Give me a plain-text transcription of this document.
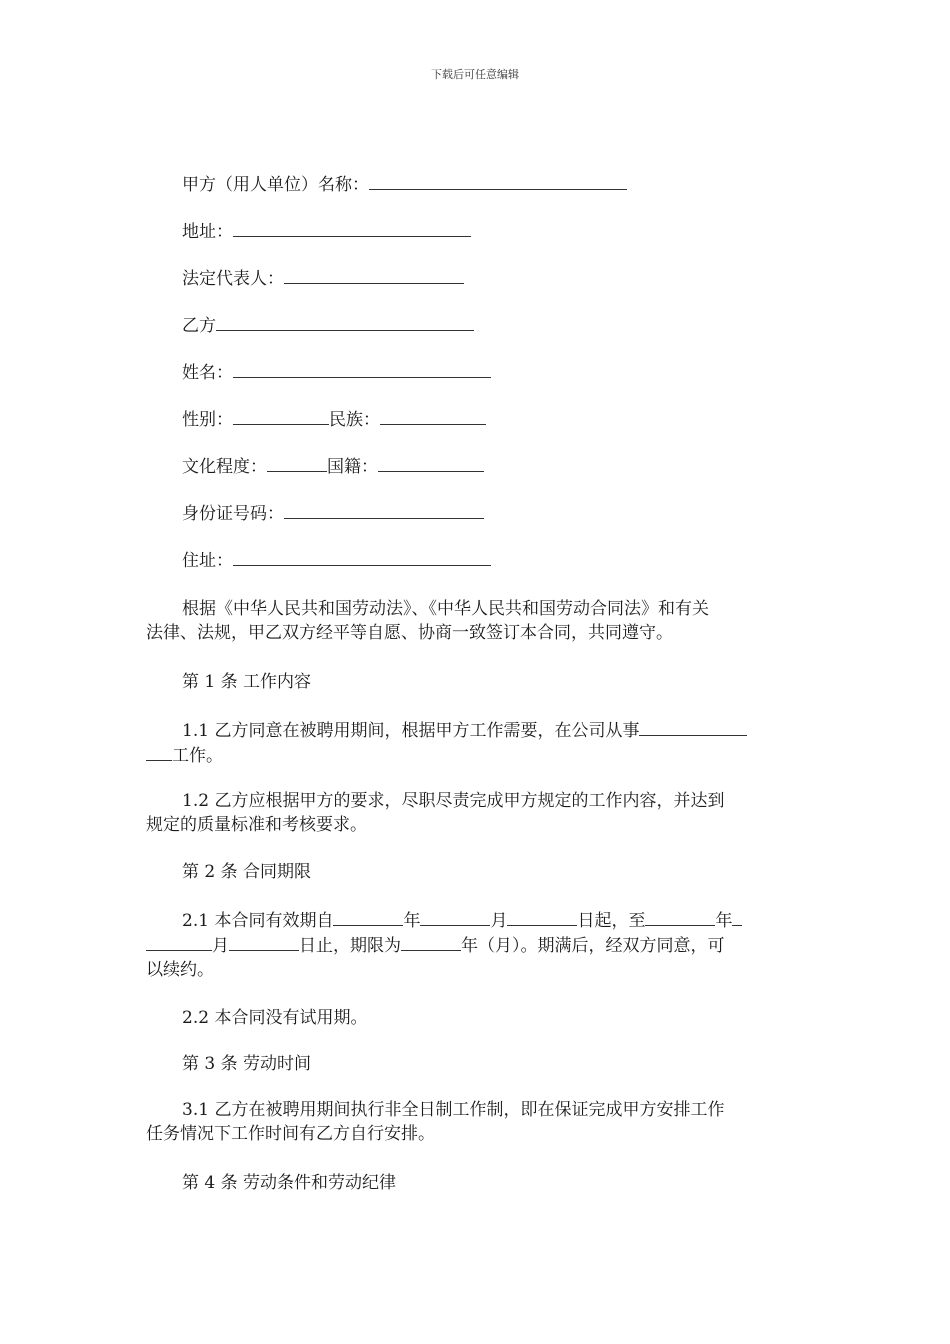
下载后可任意编辑
甲方（用人单位）名称：
地址：
法定代表人：
乙方
姓名：
性别：	民族：
文化程度：	国籍：
身份证号码：
住址：
根据《中华人民共和国劳动法》、《中华人民共和国劳动合同法》和有关
法律、法规，甲乙双方经平等自愿、协商一致签订本合同，共同遵守。
第 1 条 工作内容
1.1 乙方同意在被聘用期间，根据甲方工作需要，在公司从事
工作。
1.2 乙方应根据甲方的要求，尽职尽责完成甲方规定的工作内容，并达到
规定的质量标准和考核要求。
第 2 条 合同期限
2.1 本合同有效期自	年	月	日起，至	年
月	日止，期限为	年（月）。期满后，经双方同意，可
以续约。
2.2 本合同没有试用期。
第 3 条 劳动时间
3.1 乙方在被聘用期间执行非全日制工作制，即在保证完成甲方安排工作
任务情况下工作时间有乙方自行安排。
第 4 条 劳动条件和劳动纪律
